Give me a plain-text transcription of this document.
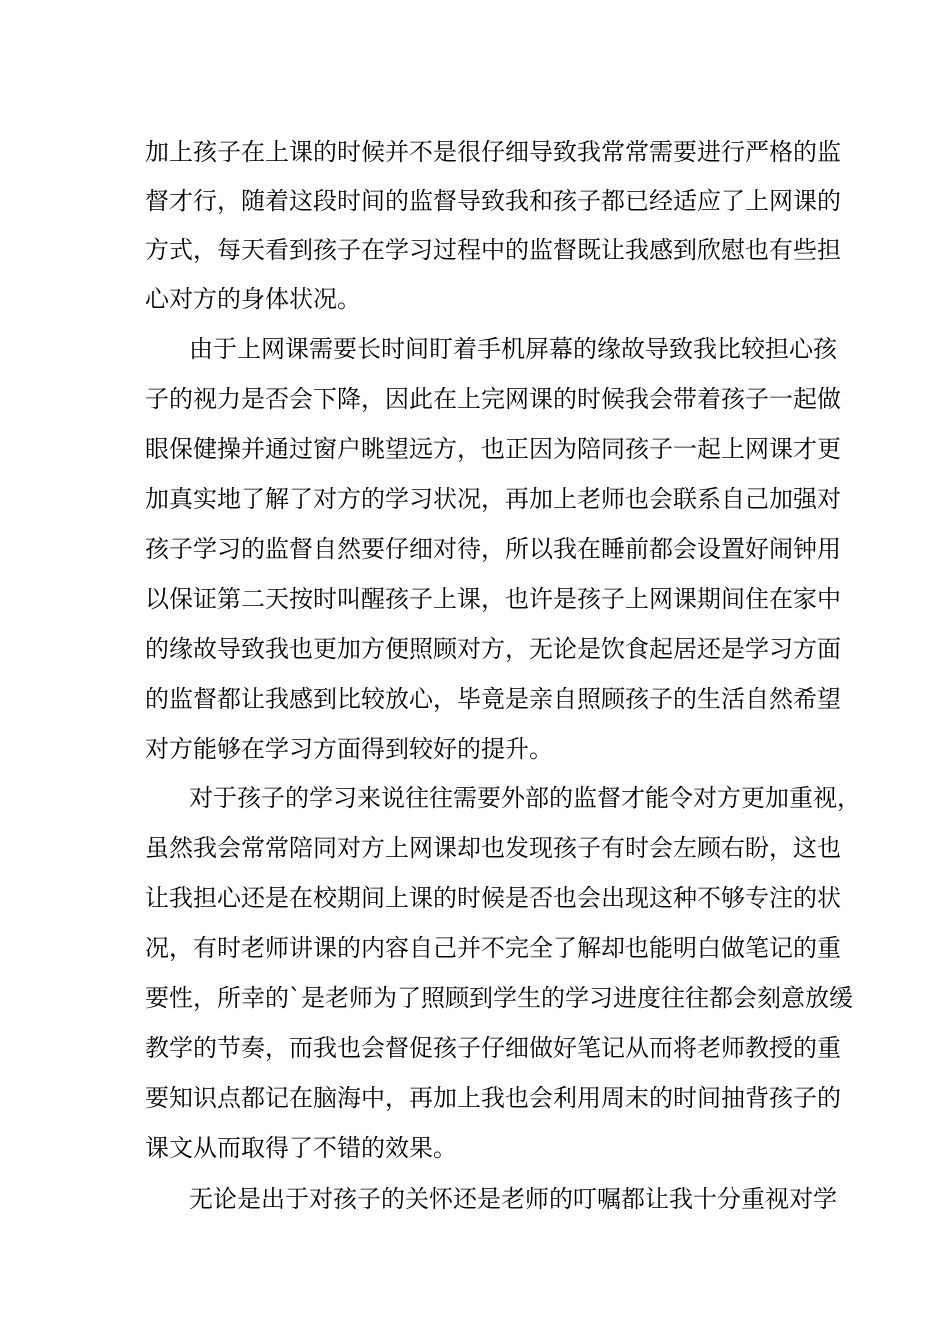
加上孩子在上课的时候并不是很仔细导致我常常需要进行严格的监
督才行，随着这段时间的监督导致我和孩子都已经适应了上网课的
方式，每天看到孩子在学习过程中的监督既让我感到欣慰也有些担
心对方的身体状况。
由于上网课需要长时间盯着手机屏幕的缘故导致我比较担心孩
子的视力是否会下降，因此在上完网课的时候我会带着孩子一起做
眼保健操并通过窗户眺望远方，也正因为陪同孩子一起上网课才更
加真实地了解了对方的学习状况，再加上老师也会联系自己加强对
孩子学习的监督自然要仔细对待，所以我在睡前都会设置好闹钟用
以保证第二天按时叫醒孩子上课，也许是孩子上网课期间住在家中
的缘故导致我也更加方便照顾对方，无论是饮食起居还是学习方面
的监督都让我感到比较放心，毕竟是亲自照顾孩子的生活自然希望
对方能够在学习方面得到较好的提升。
对于孩子的学习来说往往需要外部的监督才能令对方更加重视，
虽然我会常常陪同对方上网课却也发现孩子有时会左顾右盼，这也
让我担心还是在校期间上课的时候是否也会出现这种不够专注的状
况，有时老师讲课的内容自己并不完全了解却也能明白做笔记的重
要性，所幸的`是老师为了照顾到学生的学习进度往往都会刻意放缓
教学的节奏，而我也会督促孩子仔细做好笔记从而将老师教授的重
要知识点都记在脑海中，再加上我也会利用周末的时间抽背孩子的
课文从而取得了不错的效果。
无论是出于对孩子的关怀还是老师的叮嘱都让我十分重视对学
